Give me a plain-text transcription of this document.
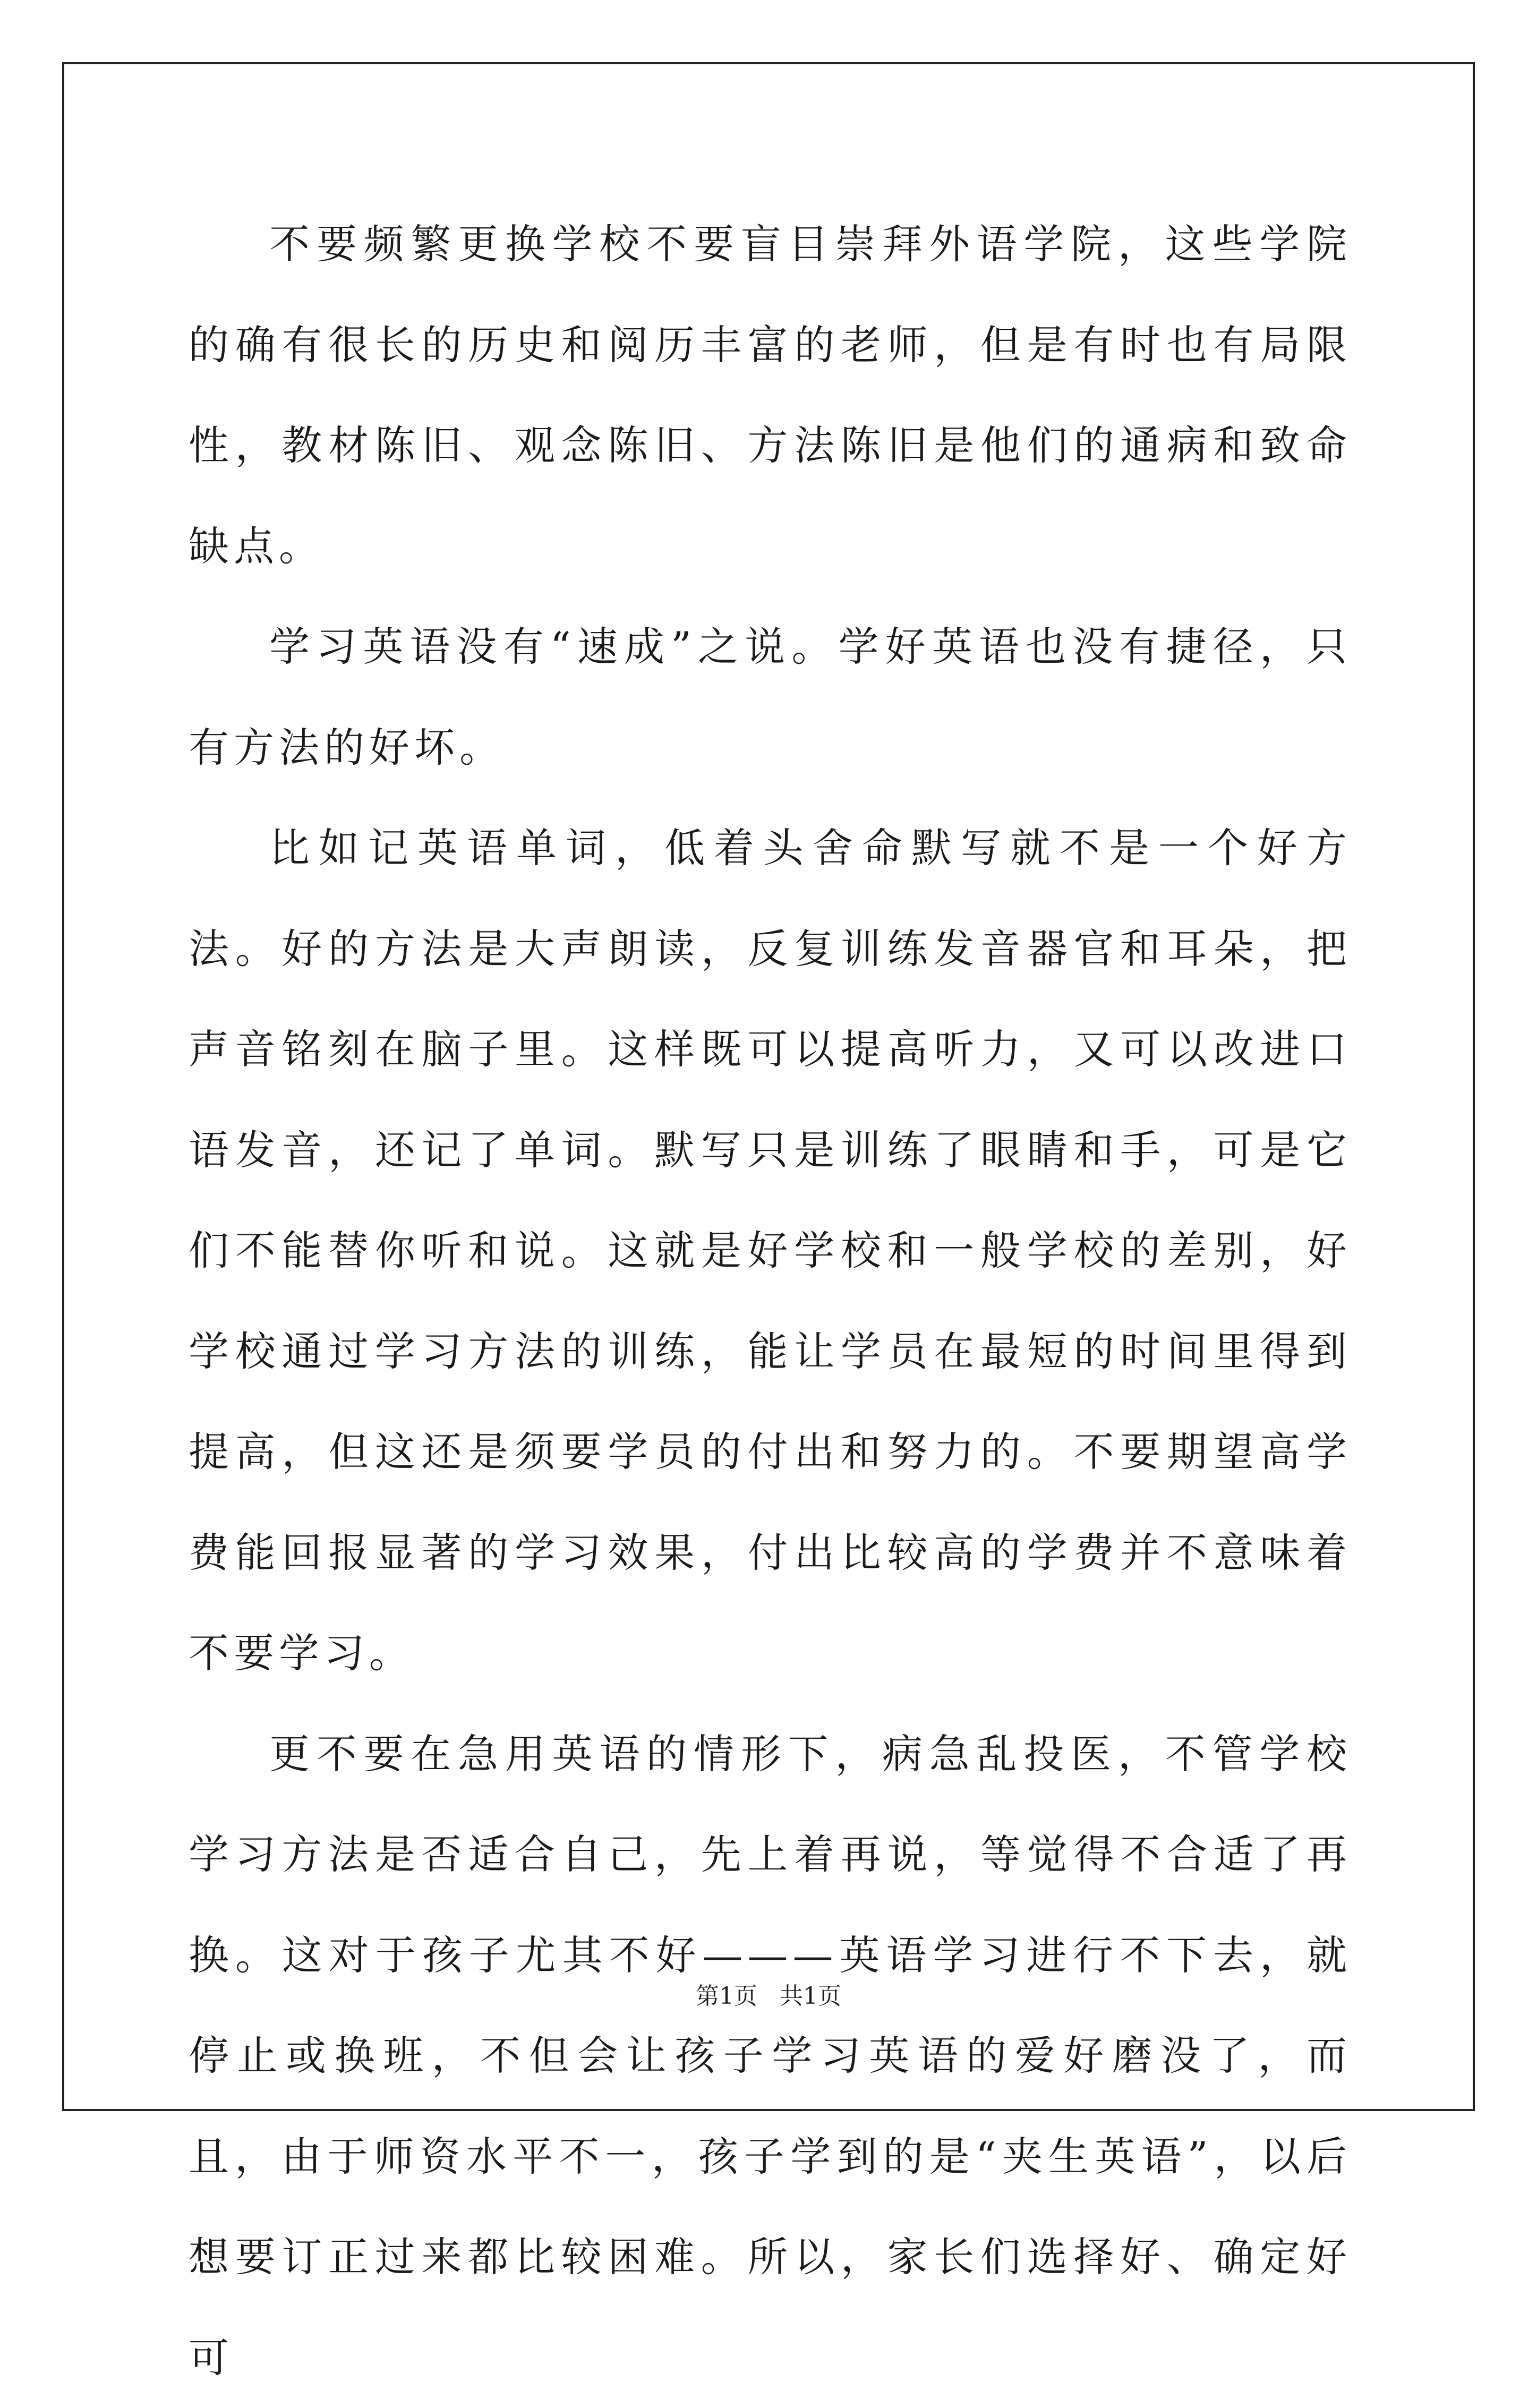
不要频繁更换学校不要盲目崇拜外语学院，这些学院的确有很长的历史和阅历丰富的老师，但是有时也有局限性，教材陈旧、观念陈旧、方法陈旧是他们的通病和致命缺点。

学习英语没有“速成”之说。学好英语也没有捷径，只有方法的好坏。

比如记英语单词，低着头舍命默写就不是一个好方法。好的方法是大声朗读，反复训练发音器官和耳朵，把声音铭刻在脑子里。这样既可以提高听力，又可以改进口语发音，还记了单词。默写只是训练了眼睛和手，可是它们不能替你听和说。这就是好学校和一般学校的差别，好学校通过学习方法的训练，能让学员在最短的时间里得到提高，但这还是须要学员的付出和努力的。不要期望高学费能回报显著的学习效果，付出比较高的学费并不意味着不要学习。

更不要在急用英语的情形下，病急乱投医，不管学校学习方法是否适合自己，先上着再说，等觉得不合适了再换。这对于孩子尤其不好———英语学习进行不下去，就停止或换班，不但会让孩子学习英语的爱好磨没了，而且，由于师资水平不一，孩子学到的是“夹生英语”，以后想要订正过来都比较困难。所以，家长们选择好、确定好可

第1页   共1页
